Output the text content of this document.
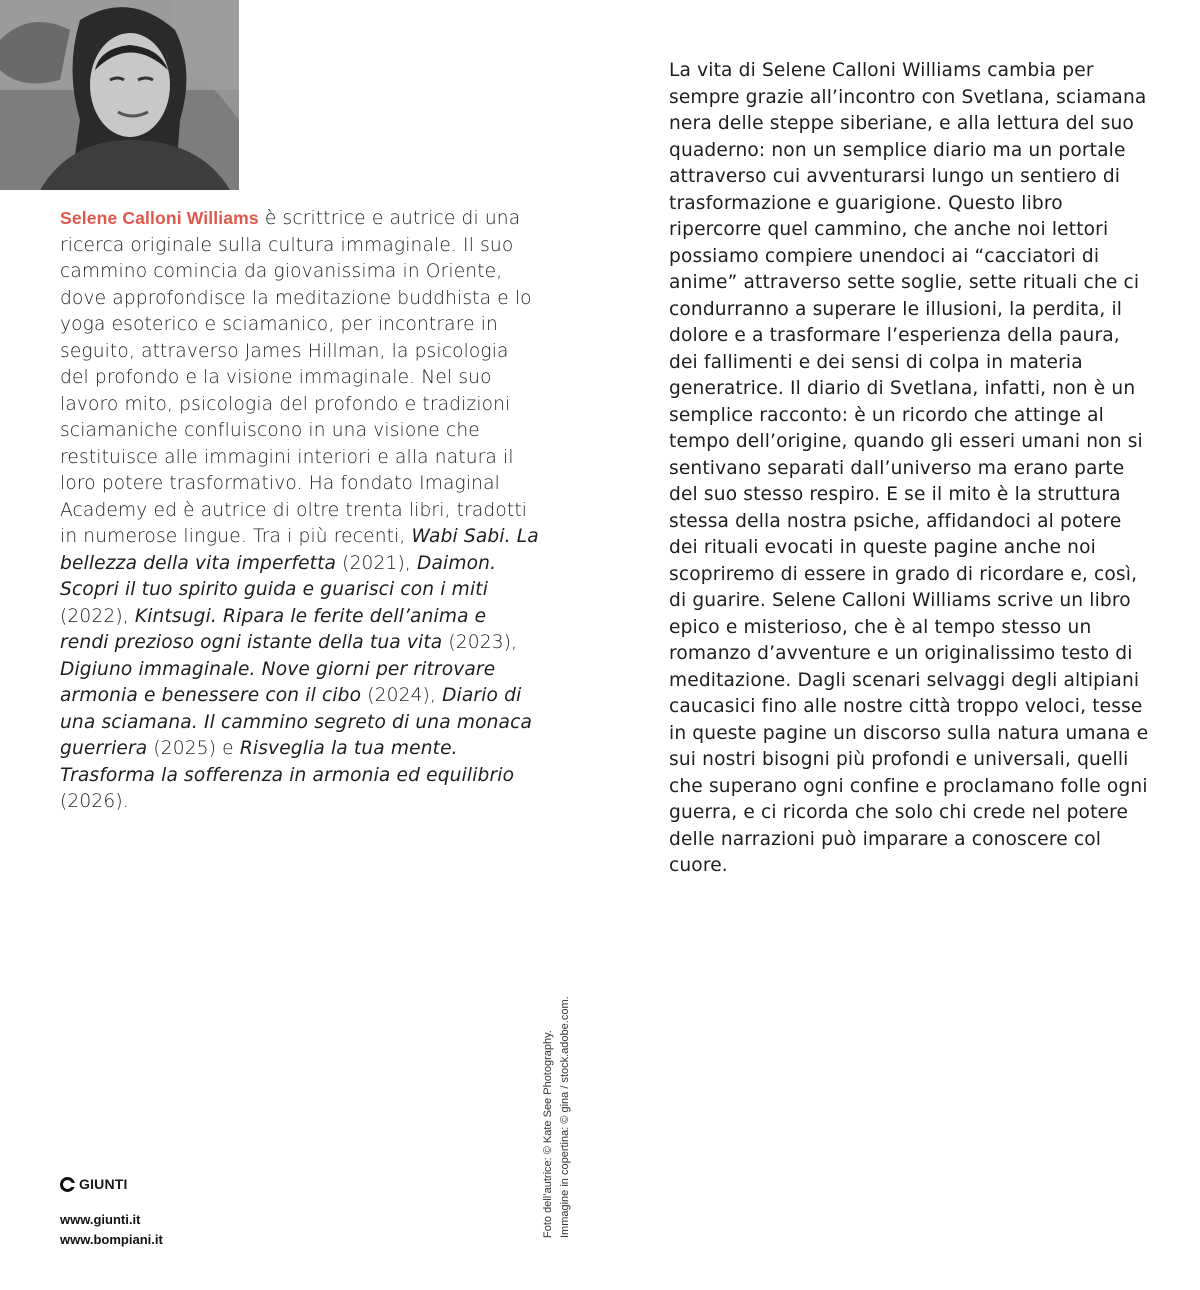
Selene Calloni Williams è scrittrice e autrice di una ricerca originale sulla cultura immaginale. Il suo cammino comincia da giovanissima in Oriente, dove approfondisce la meditazione buddhista e lo yoga esoterico e sciamanico, per incontrare in seguito, attraverso James Hillman, la psicologia del profondo e la visione immaginale. Nel suo lavoro mito, psicologia del profondo e tradizioni sciamaniche confluiscono in una visione che restituisce alle immagini interiori e alla natura il loro potere trasformativo. Ha fondato Imaginal Academy ed è autrice di oltre trenta libri, tradotti in numerose lingue. Tra i più recenti, Wabi Sabi. La bellezza della vita imperfetta (2021), Daimon. Scopri il tuo spirito guida e guarisci con i miti (2022), Kintsugi. Ripara le ferite dell’anima e rendi prezioso ogni istante della tua vita (2023), Digiuno immaginale. Nove giorni per ritrovare armonia e benessere con il cibo (2024), Diario di una sciamana. Il cammino segreto di una monaca guerriera (2025) e Risveglia la tua mente. Trasforma la sofferenza in armonia ed equilibrio (2026).

La vita di Selene Calloni Williams cambia per sempre grazie all’incontro con Svetlana, sciamana nera delle steppe siberiane, e alla lettura del suo quaderno: non un semplice diario ma un portale attraverso cui avventurarsi lungo un sentiero di trasformazione e guarigione. Questo libro ripercorre quel cammino, che anche noi lettori possiamo compiere unendoci ai “cacciatori di anime” attraverso sette soglie, sette rituali che ci condurranno a superare le illusioni, la perdita, il dolore e a trasformare l’esperienza della paura, dei fallimenti e dei sensi di colpa in materia generatrice. Il diario di Svetlana, infatti, non è un semplice racconto: è un ricordo che attinge al tempo dell’origine, quando gli esseri umani non si sentivano separati dall’universo ma erano parte del suo stesso respiro. E se il mito è la struttura stessa della nostra psiche, affidandoci al potere dei rituali evocati in queste pagine anche noi scopriremo di essere in grado di ricordare e, così, di guarire. Selene Calloni Williams scrive un libro epico e misterioso, che è al tempo stesso un romanzo d’avventure e un originalissimo testo di meditazione. Dagli scenari selvaggi degli altipiani caucasici fino alle nostre città troppo veloci, tesse in queste pagine un discorso sulla natura umana e sui nostri bisogni più profondi e universali, quelli che superano ogni confine e proclamano folle ogni guerra, e ci ricorda che solo chi crede nel potere delle narrazioni può imparare a conoscere col cuore.

Foto dell’autrice: © Kate See Photography. Immagine in copertina: © gina / stock.adobe.com.
GIUNTI
www.giunti.it
www.bompiani.it
